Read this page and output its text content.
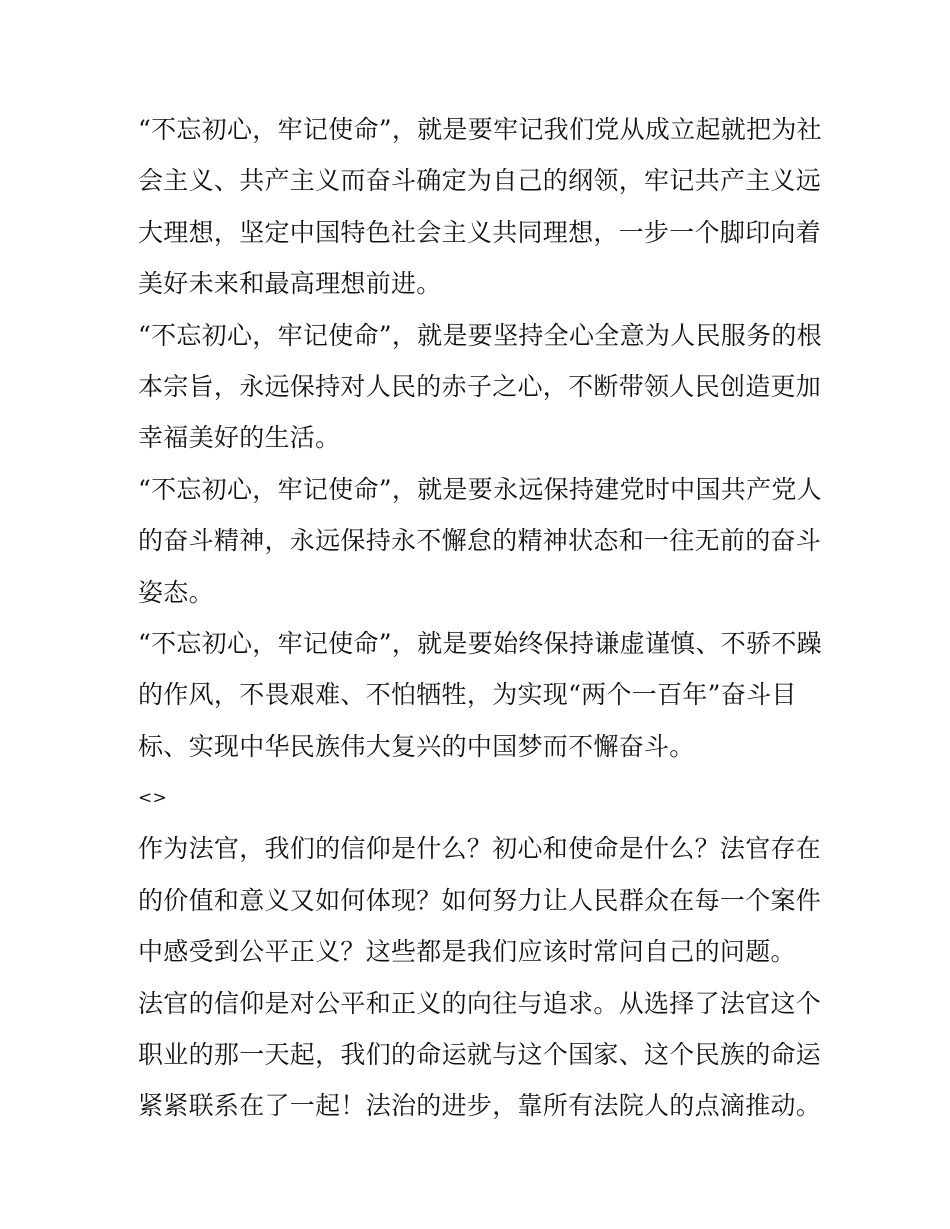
“不忘初心，牢记使命”，就是要牢记我们党从成立起就把为社
会主义、共产主义而奋斗确定为自己的纲领，牢记共产主义远
大理想，坚定中国特色社会主义共同理想，一步一个脚印向着
美好未来和最高理想前进。
“不忘初心，牢记使命”，就是要坚持全心全意为人民服务的根
本宗旨，永远保持对人民的赤子之心，不断带领人民创造更加
幸福美好的生活。
“不忘初心，牢记使命”，就是要永远保持建党时中国共产党人
的奋斗精神，永远保持永不懈怠的精神状态和一往无前的奋斗
姿态。
“不忘初心，牢记使命”，就是要始终保持谦虚谨慎、不骄不躁
的作风，不畏艰难、不怕牺牲，为实现“两个一百年”奋斗目
标、实现中华民族伟大复兴的中国梦而不懈奋斗。
<>
作为法官，我们的信仰是什么？初心和使命是什么？法官存在
的价值和意义又如何体现？如何努力让人民群众在每一个案件
中感受到公平正义？这些都是我们应该时常问自己的问题。
法官的信仰是对公平和正义的向往与追求。从选择了法官这个
职业的那一天起，我们的命运就与这个国家、这个民族的命运
紧紧联系在了一起！法治的进步，靠所有法院人的点滴推动。
